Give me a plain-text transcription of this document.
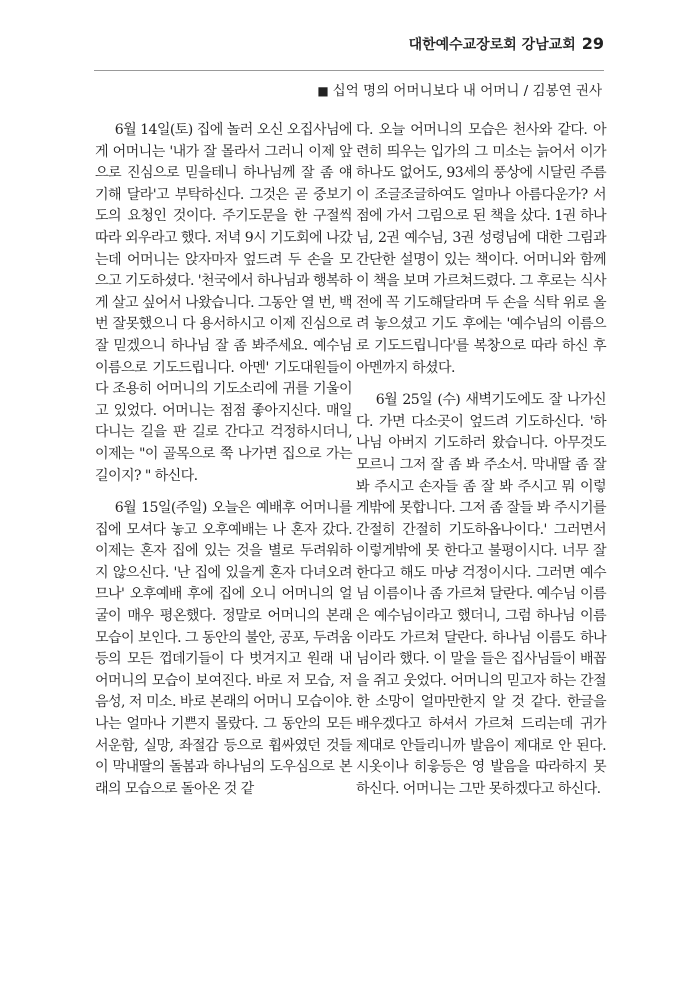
대한예수교장로회 강남교회 29
■ 십억 명의 어머니보다 내 어머니 / 김봉연 권사

6월 14일(토) 집에 놀러 오신 오집사님에게 어머니는 '내가 잘 몰라서 그러니 이제 앞으로 진심으로 믿을테니 하나님께 잘 좀 얘기해 달라'고 부탁하신다. 그것은 곧 중보기도의 요청인 것이다. 주기도문을 한 구절씩 따라 외우라고 했다. 저녁 9시 기도회에 나갔는데 어머니는 앉자마자 엎드려 두 손을 모으고 기도하셨다. '천국에서 하나님과 행복하게 살고 싶어서 나왔습니다. 그동안 열 번, 백 번 잘못했으니 다 용서하시고 이제 진심으로 잘 믿겠으니 하나님 잘 좀 봐주세요. 예수님 이름으로 기도드립니다. 아멘' 기도대원들이 다 조용히 어머니의 기도소리에 귀를 기울이고 있었다. 어머니는 점점 좋아지신다. 매일 다니는 길을 판 길로 간다고 걱정하시더니, 이제는 "이 골목으로 쭉 나가면 집으로 가는 길이지? " 하신다.

6월 15일(주일) 오늘은 예배후 어머니를 집에 모셔다 놓고 오후예배는 나 혼자 갔다. 이제는 혼자 집에 있는 것을 별로 두려워하지 않으신다. '난 집에 있을게 혼자 다녀오려므나' 오후예배 후에 집에 오니 어머니의 얼굴이 매우 평온했다. 정말로 어머니의 본래 모습이 보인다. 그 동안의 불안, 공포, 두려움 등의 모든 껍데기들이 다 벗겨지고 원래 내 어머니의 모습이 보여진다. 바로 저 모습, 저 음성, 저 미소. 바로 본래의 어머니 모습이야. 나는 얼마나 기쁜지 몰랐다. 그 동안의 모든 서운함, 실망, 좌절감 등으로 휩싸였던 것들이 막내딸의 돌봄과 하나님의 도우심으로 본래의 모습으로 돌아온 것 같

다. 오늘 어머니의 모습은 천사와 같다. 아련히 띄우는 입가의 그 미소는 늙어서 이가 하나도 없어도, 93세의 풍상에 시달린 주름이 조글조글하여도 얼마나 아름다운가? 서점에 가서 그림으로 된 책을 샀다. 1권 하나님, 2권 예수님, 3권 성령님에 대한 그림과 간단한 설명이 있는 책이다. 어머니와 함께 이 책을 보며 가르쳐드렸다. 그 후로는 식사 전에 꼭 기도해달라며 두 손을 식탁 위로 올려 놓으셨고 기도 후에는 '예수님의 이름으로 기도드립니다'를 복창으로 따라 하신 후 아멘까지 하셨다.

6월 25일 (수) 새벽기도에도 잘 나가신다. 가면 다소곳이 엎드려 기도하신다. '하나님 아버지 기도하러 왔습니다. 아무것도 모르니 그저 잘 좀 봐 주소서. 막내딸 좀 잘 봐 주시고 손자들 좀 잘 봐 주시고 뭐 이렇게밖에 못합니다. 그저 좀 잘들 봐 주시기를 간절히 간절히 기도하옵나이다.' 그러면서 이렇게밖에 못 한다고 불평이시다. 너무 잘한다고 해도 마냥 걱정이시다. 그러면 예수님 이름이나 좀 가르쳐 달란다. 예수님 이름은 예수님이라고 했더니, 그럼 하나님 이름이라도 가르쳐 달란다. 하나님 이름도 하나님이라 했다. 이 말을 들은 집사님들이 배꼽을 쥐고 웃었다. 어머니의 믿고자 하는 간절한 소망이 얼마만한지 알 것 같다. 한글을 배우겠다고 하셔서 가르쳐 드리는데 귀가 제대로 안들리니까 발음이 제대로 안 된다. 시옷이나 히읗등은 영 발음을 따라하지 못하신다. 어머니는 그만 못하겠다고 하신다.
